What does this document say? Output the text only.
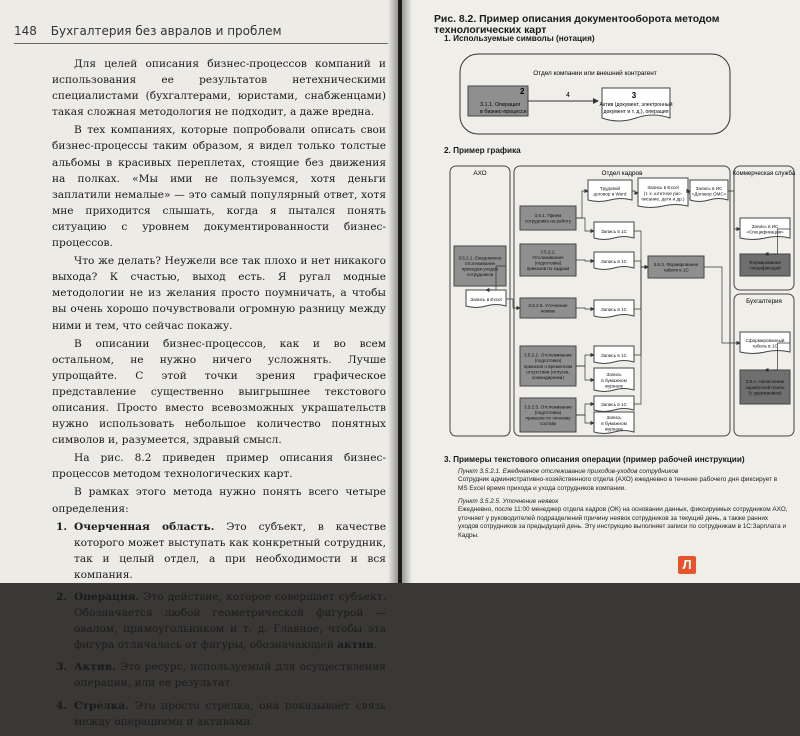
148 Бухгалтерия без авралов и проблем

Для целей описания бизнес-процессов компаний и использования ее результатов нетехническими специалистами (бухгалтерами, юристами, снабженцами) такая сложная методология не подходит, а даже вредна.

В тех компаниях, которые попробовали описать свои бизнес-процессы таким образом, я видел только толстые альбомы в красивых переплетах, стоящие без движения на полках. «Мы ими не пользуемся, хотя деньги заплатили немалые» — это самый популярный ответ, хотя мне приходится слышать, когда я пытался понять ситуацию с уровнем документированности бизнес-процессов.

Что же делать? Неужели все так плохо и нет никакого выхода? К счастью, выход есть. Я ругал модные методологии не из желания просто поумничать, а чтобы вы очень хорошо почувствовали огромную разницу между ними и тем, что сейчас покажу.

В описании бизнес-процессов, как и во всем остальном, не нужно ничего усложнять. Лучше упрощайте. С этой точки зрения графическое представление существенно выигрышнее текстового описания. Просто вместо всевозможных украшательств нужно использовать небольшое количество понятных символов и, разумеется, здравый смысл.

На рис. 8.2 приведен пример описания бизнес-процессов методом технологических карт.

В рамках этого метода нужно понять всего четыре определения:

1. Очерченная область. Это субъект, в качестве которого может выступать как конкретный сотрудник, так и целый отдел, а при необходимости и вся компания.
2. Операция. Это действие, которое совершает субъект. Обозначается любой геометрической фигурой — овалом, прямоугольником и т. д. Главное, чтобы эта фигура отличалась от фигуры, обозначающей актив.
3. Актив. Это ресурс, используемый для осуществления операции, или ее результат.
4. Стрелка. Это просто стрелка, она показывает связь между операциями и активами.
Рис. 8.2. Пример описания документооборота методом технологических карт
1. Используемые символы (нотация)
2. Пример графика
Отдел компании или внешний контрагент
2
3.1.1. Операция
в бизнес-процессе
4	3
Актив (документ, электронный
документ и т. д.), операция
АХО	Отдел кадров	Коммерческая служба
Бухгалтерия
3.5.1. Прием
сотрудника на работу
Трудовой
договор в Word
Запись в Excel
(т. к. штатное рас-
писание, дети и др.)
Запись в ИС
«Договор ОМС»
Запись в ИС
«Спецификация»
3.5.2.1. Ежедневное
отслеживание
приходов-уходов
сотрудников
3.5.2.2.
Отслеживание
(подготовка)
приказов по кадрам
Запись в 1С
Запись в 1С
3.5.3. Формирование
табеля в 1С
Формирование
спецификаций
Запись в Excel
3.5.2.5. Уточнение
неявок	Запись в 1С
3.5.2.2. Отслеживание
(подготовка)
приказов о временном
отсутствии (отпуска,
командировки)
Запись в 1С
Запись
в бумажном
журнале
Сформированный
табель в 1С
3.5.4. Начисление
заработной платы
(с удержанием)
3.5.2.5. Отслеживание
(подготовка)
приказов по личному
составу
Запись в 1С
Запись
в бумажном
журнале
3. Примеры текстового описания операции (пример рабочей инструкции)
Пункт 3.5.2.1. Ежедневное отслеживание приходов-уходов сотрудников
Сотрудник административно-хозяйственного отдела (АХО) ежедневно в течение рабочего дня фиксирует в MS Excel время прихода и ухода сотрудников компании.
Пункт 3.5.2.5. Уточнение неявок
Ежедневно, после 11:00 менеджер отдела кадров (ОК) на основании данных, фиксируемых сотрудником АХО, уточняет у руководителей подразделений причину неявок сотрудников за текущий день, а также ранних уходов сотрудников за предыдущий день. Эту инструкцию выполняет записи по сотрудникам в 1С:Зарплата и Кадры.
Л
